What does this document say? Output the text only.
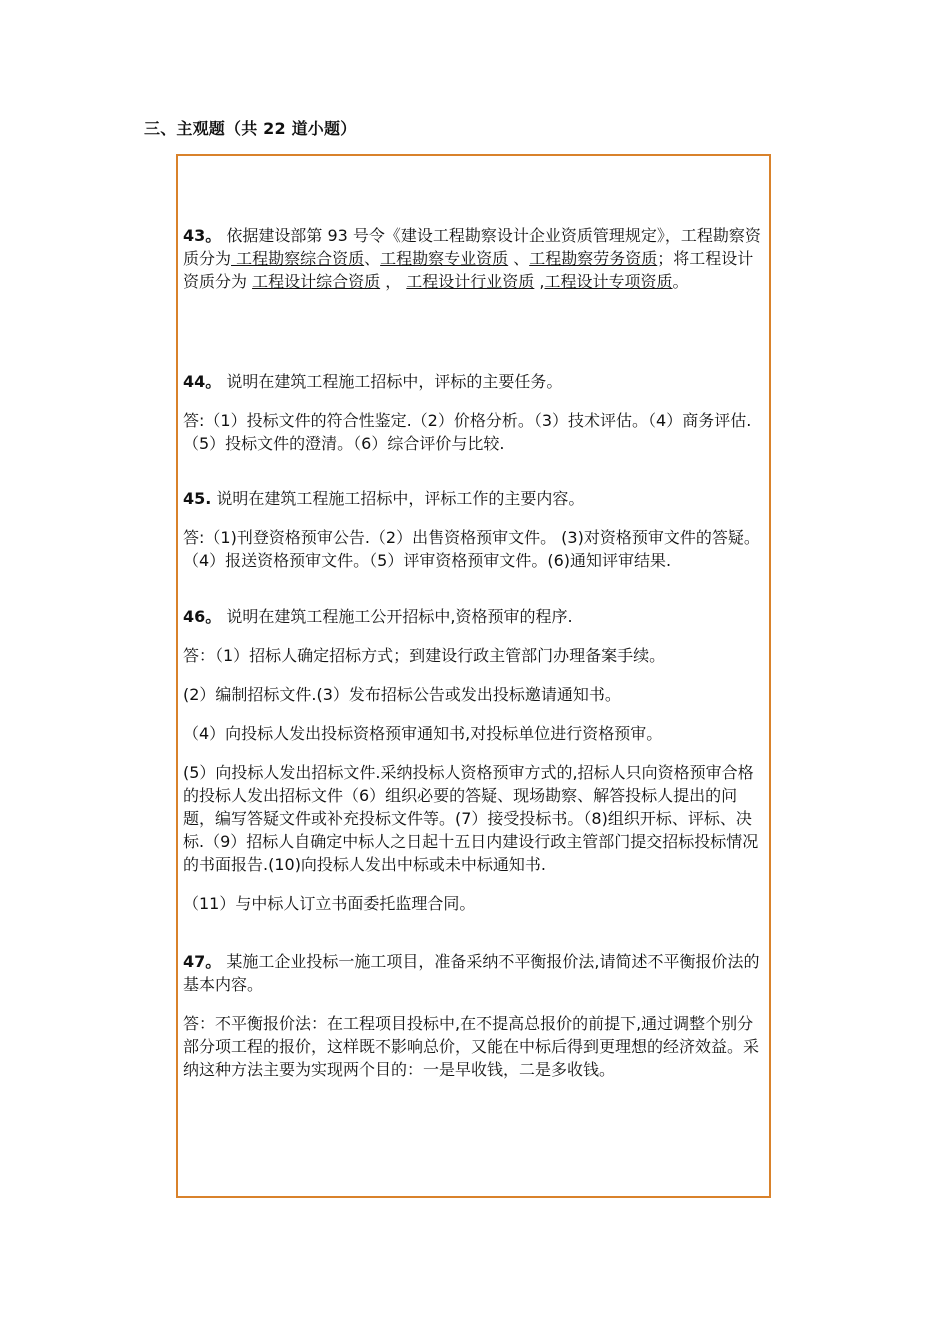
三、主观题（共 22 道小题）

43。 依据建设部第 93 号令《建设工程勘察设计企业资质管理规定》，工程勘察资质分为 工程勘察综合资质、工程勘察专业资质 、工程勘察劳务资质；将工程设计资质分为 工程设计综合资质 ， 工程设计行业资质 ,工程设计专项资质。

44。 说明在建筑工程施工招标中，评标的主要任务。

答:（1）投标文件的符合性鉴定.（2）价格分析。（3）技术评估。（4）商务评估.（5）投标文件的澄清。（6）综合评价与比较.

45. 说明在建筑工程施工招标中，评标工作的主要内容。

答:（1)刊登资格预审公告.（2）出售资格预审文件。 (3)对资格预审文件的答疑。（4）报送资格预审文件。（5）评审资格预审文件。(6)通知评审结果.

46。 说明在建筑工程施工公开招标中,资格预审的程序.

答：（1）招标人确定招标方式；到建设行政主管部门办理备案手续。

(2）编制招标文件.(3）发布招标公告或发出投标邀请通知书。

（4）向投标人发出投标资格预审通知书,对投标单位进行资格预审。

(5）向投标人发出招标文件.采纳投标人资格预审方式的,招标人只向资格预审合格的投标人发出招标文件（6）组织必要的答疑、现场勘察、解答投标人提出的问题，编写答疑文件或补充投标文件等。(7）接受投标书。（8)组织开标、评标、决标.（9）招标人自确定中标人之日起十五日内建设行政主管部门提交招标投标情况的书面报告.(10)向投标人发出中标或未中标通知书.

（11）与中标人订立书面委托监理合同。

47。 某施工企业投标一施工项目，准备采纳不平衡报价法,请简述不平衡报价法的基本内容。

答：不平衡报价法：在工程项目投标中,在不提高总报价的前提下,通过调整个别分部分项工程的报价，这样既不影响总价，又能在中标后得到更理想的经济效益。采纳这种方法主要为实现两个目的：一是早收钱，二是多收钱。
